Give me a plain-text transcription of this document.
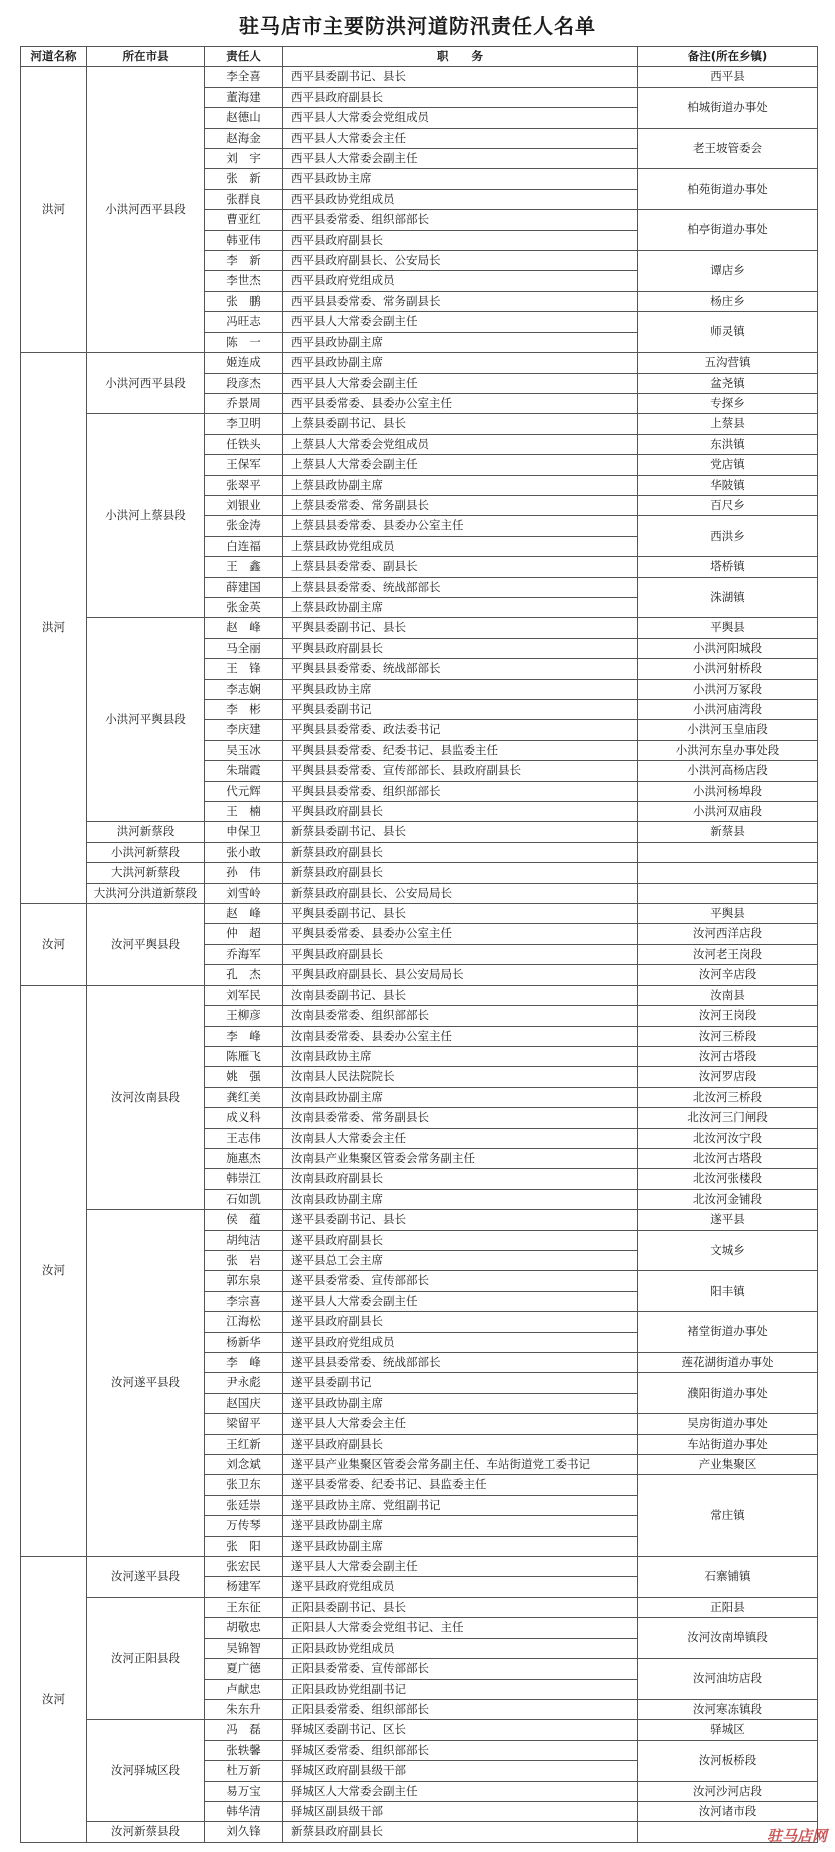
驻马店市主要防洪河道防汛责任人名单
河道名称	所在市县	责任人	职　　务	备注(所在乡镇)
洪河	小洪河西平县段	李全喜	西平县委副书记、县长	西平县
		董海建	西平县政府副县长	柏城街道办事处
		赵德山	西平县人大常委会党组成员	
		赵海金	西平县人大常委会主任	老王坡管委会
		刘　宇	西平县人大常委会副主任	
		张　新	西平县政协主席	柏苑街道办事处
		张群良	西平县政协党组成员	
		曹亚红	西平县委常委、组织部部长	柏亭街道办事处
		韩亚伟	西平县政府副县长	
		李　新	西平县政府副县长、公安局长	谭店乡
		李世杰	西平县政府党组成员	
		张　鹏	西平县县委常委、常务副县长	杨庄乡
		冯旺志	西平县人大常委会副主任	师灵镇
		陈　一	西平县政协副主席	
洪河	小洪河西平县段	姬连成	西平县政协副主席	五沟营镇
		段彦杰	西平县人大常委会副主任	盆尧镇
		乔景周	西平县委常委、县委办公室主任	专探乡
	小洪河上蔡县段	李卫明	上蔡县委副书记、县长	上蔡县
		任铁头	上蔡县人大常委会党组成员	东洪镇
		王保军	上蔡县人大常委会副主任	党店镇
		张翠平	上蔡县政协副主席	华陂镇
		刘银业	上蔡县委常委、常务副县长	百尺乡
		张金涛	上蔡县县委常委、县委办公室主任	西洪乡
		白连福	上蔡县政协党组成员	
		王　鑫	上蔡县县委常委、副县长	塔桥镇
		薛建国	上蔡县县委常委、统战部部长	洙湖镇
		张金英	上蔡县政协副主席	
	小洪河平舆县段	赵　峰	平舆县委副书记、县长	平舆县
		马全丽	平舆县政府副县长	小洪河阳城段
		王　锋	平舆县县委常委、统战部部长	小洪河射桥段
		李志娴	平舆县政协主席	小洪河万冢段
		李　彬	平舆县委副书记	小洪河庙湾段
		李庆建	平舆县县委常委、政法委书记	小洪河玉皇庙段
		吴玉冰	平舆县县委常委、纪委书记、县监委主任	小洪河东皇办事处段
		朱瑞霞	平舆县县委常委、宣传部部长、县政府副县长	小洪河高杨店段
		代元辉	平舆县县委常委、组织部部长	小洪河杨埠段
		王　楠	平舆县政府副县长	小洪河双庙段
	洪河新蔡段	申保卫	新蔡县委副书记、县长	新蔡县
	小洪河新蔡段	张小敢	新蔡县政府副县长	
	大洪河新蔡段	孙　伟	新蔡县政府副县长	
	大洪河分洪道新蔡段	刘雪岭	新蔡县政府副县长、公安局局长	
汝河	汝河平舆县段	赵　峰	平舆县委副书记、县长	平舆县
		仲　超	平舆县委常委、县委办公室主任	汝河西洋店段
		乔海军	平舆县政府副县长	汝河老王岗段
		孔　杰	平舆县政府副县长、县公安局局长	汝河辛店段
汝河	汝河汝南县段	刘军民	汝南县委副书记、县长	汝南县
		王柳彦	汝南县委常委、组织部部长	汝河王岗段
		李　峰	汝南县委常委、县委办公室主任	汝河三桥段
		陈雁飞	汝南县政协主席	汝河古塔段
		姚　强	汝南县人民法院院长	汝河罗店段
		龚红美	汝南县政协副主席	北汝河三桥段
		成义科	汝南县委常委、常务副县长	北汝河三门闸段
		王志伟	汝南县人大常委会主任	北汝河汝宁段
		施惠杰	汝南县产业集聚区管委会常务副主任	北汝河古塔段
		韩崇江	汝南县政府副县长	北汝河张楼段
		石如凯	汝南县政协副主席	北汝河金铺段
	汝河遂平县段	侯　蕴	遂平县委副书记、县长	遂平县
		胡纯洁	遂平县政府副县长	文城乡
		张　岩	遂平县总工会主席	
		郭东泉	遂平县委常委、宣传部部长	阳丰镇
		李宗喜	遂平县人大常委会副主任	
		江海松	遂平县政府副县长	褚堂街道办事处
		杨新华	遂平县政府党组成员	
		李　峰	遂平县县委常委、统战部部长	莲花湖街道办事处
		尹永彪	遂平县委副书记	濮阳街道办事处
		赵国庆	遂平县政协副主席	
		梁留平	遂平县人大常委会主任	吴房街道办事处
		王红新	遂平县政府副县长	车站街道办事处
		刘念斌	遂平县产业集聚区管委会常务副主任、车站街道党工委书记	产业集聚区
		张卫东	遂平县委常委、纪委书记、县监委主任	常庄镇
		张廷崇	遂平县政协主席、党组副书记	
		万传琴	遂平县政协副主席	
		张　阳	遂平县政协副主席	
汝河	汝河遂平县段	张宏民	遂平县人大常委会副主任	石寨铺镇
		杨建军	遂平县政府党组成员	
	汝河正阳县段	王东征	正阳县委副书记、县长	正阳县
		胡敬忠	正阳县人大常委会党组书记、主任	汝河汝南埠镇段
		吴锦智	正阳县政协党组成员	
		夏广德	正阳县委常委、宣传部部长	汝河油坊店段
		卢献忠	正阳县政协党组副书记	
		朱东升	正阳县委常委、组织部部长	汝河寒冻镇段
	汝河驿城区段	冯　磊	驿城区委副书记、区长	驿城区
		张轶馨	驿城区委常委、组织部部长	汝河板桥段
		杜万新	驿城区政府副县级干部	
		易万宝	驿城区人大常委会副主任	汝河沙河店段
		韩华清	驿城区副县级干部	汝河诸市段
	汝河新蔡县段	刘久锋	新蔡县政府副县长		驻马店网
